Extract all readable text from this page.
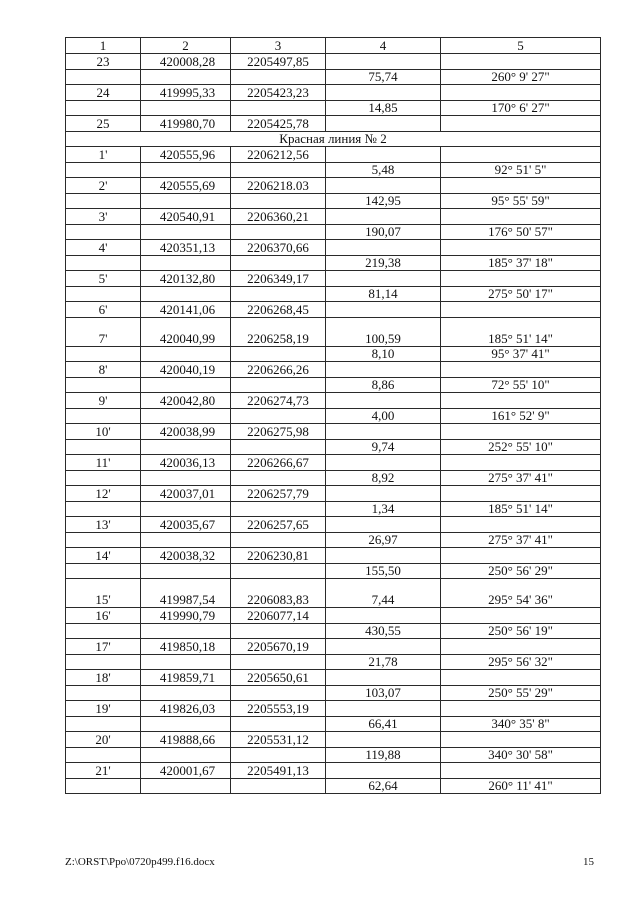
1	2	3	4	5
23	420008,28	2205497,85		
			75,74	260° 9' 27"
24	419995,33	2205423,23		
			14,85	170° 6' 27"
25	419980,70	2205425,78		
Красная линия № 2				
1'	420555,96	2206212,56		
			5,48	92° 51' 5"
2'	420555,69	2206218.03		
			142,95	95° 55' 59"
3'	420540,91	2206360,21		
			190,07	176° 50' 57"
4'	420351,13	2206370,66		
			219,38	185° 37' 18"
5'	420132,80	2206349,17		
			81,14	275° 50' 17"
6'	420141,06	2206268,45		
7'	420040,99	2206258,19	100,59	185° 51' 14"
			8,10	95° 37' 41"
8'	420040,19	2206266,26		
			8,86	72° 55' 10"
9'	420042,80	2206274,73		
			4,00	161° 52' 9"
10'	420038,99	2206275,98		
			9,74	252° 55' 10"
11'	420036,13	2206266,67		
			8,92	275° 37' 41"
12'	420037,01	2206257,79		
			1,34	185° 51' 14"
13'	420035,67	2206257,65		
			26,97	275° 37' 41"
14'	420038,32	2206230,81		
			155,50	250° 56' 29"
15'	419987,54	2206083,83	7,44	295° 54' 36"
16'	419990,79	2206077,14		
			430,55	250° 56' 19"
17'	419850,18	2205670,19		
			21,78	295° 56' 32"
18'	419859,71	2205650,61		
			103,07	250° 55' 29"
19'	419826,03	2205553,19		
			66,41	340° 35' 8"
20'	419888,66	2205531,12		
			119,88	340° 30' 58"
21'	420001,67	2205491,13		
			62,64	260° 11' 41"
Z:\ORST\Ppo\0720p499.f16.docx	15
